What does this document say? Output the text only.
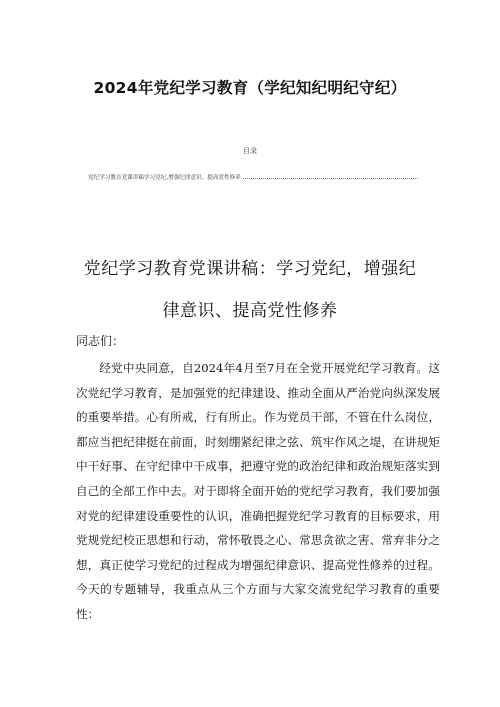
2024年党纪学习教育（学纪知纪明纪守纪）
目录
党纪学习教育党课讲稿学习党纪,增强纪律意识、提高党性修养
党纪学习教育党课讲稿：学习党纪，增强纪
律意识、提高党性修养
同志们：

经党中央同意，自2024年4月至7月在全党开展党纪学习教育。这次党纪学习教育，是加强党的纪律建设、推动全面从严治党向纵深发展的重要举措。心有所戒，行有所止。作为党员干部，不管在什么岗位，都应当把纪律挺在前面，时刻绷紧纪律之弦、筑牢作风之堤，在讲规矩中干好事、在守纪律中干成事，把遵守党的政治纪律和政治规矩落实到自己的全部工作中去。对于即将全面开始的党纪学习教育，我们要加强对党的纪律建设重要性的认识，准确把握党纪学习教育的目标要求，用党规党纪校正思想和行动，常怀敬畏之心、常思贪欲之害、常弃非分之想，真正使学习党纪的过程成为增强纪律意识、提高党性修养的过程。今天的专题辅导，我重点从三个方面与大家交流党纪学习教育的重要性：
